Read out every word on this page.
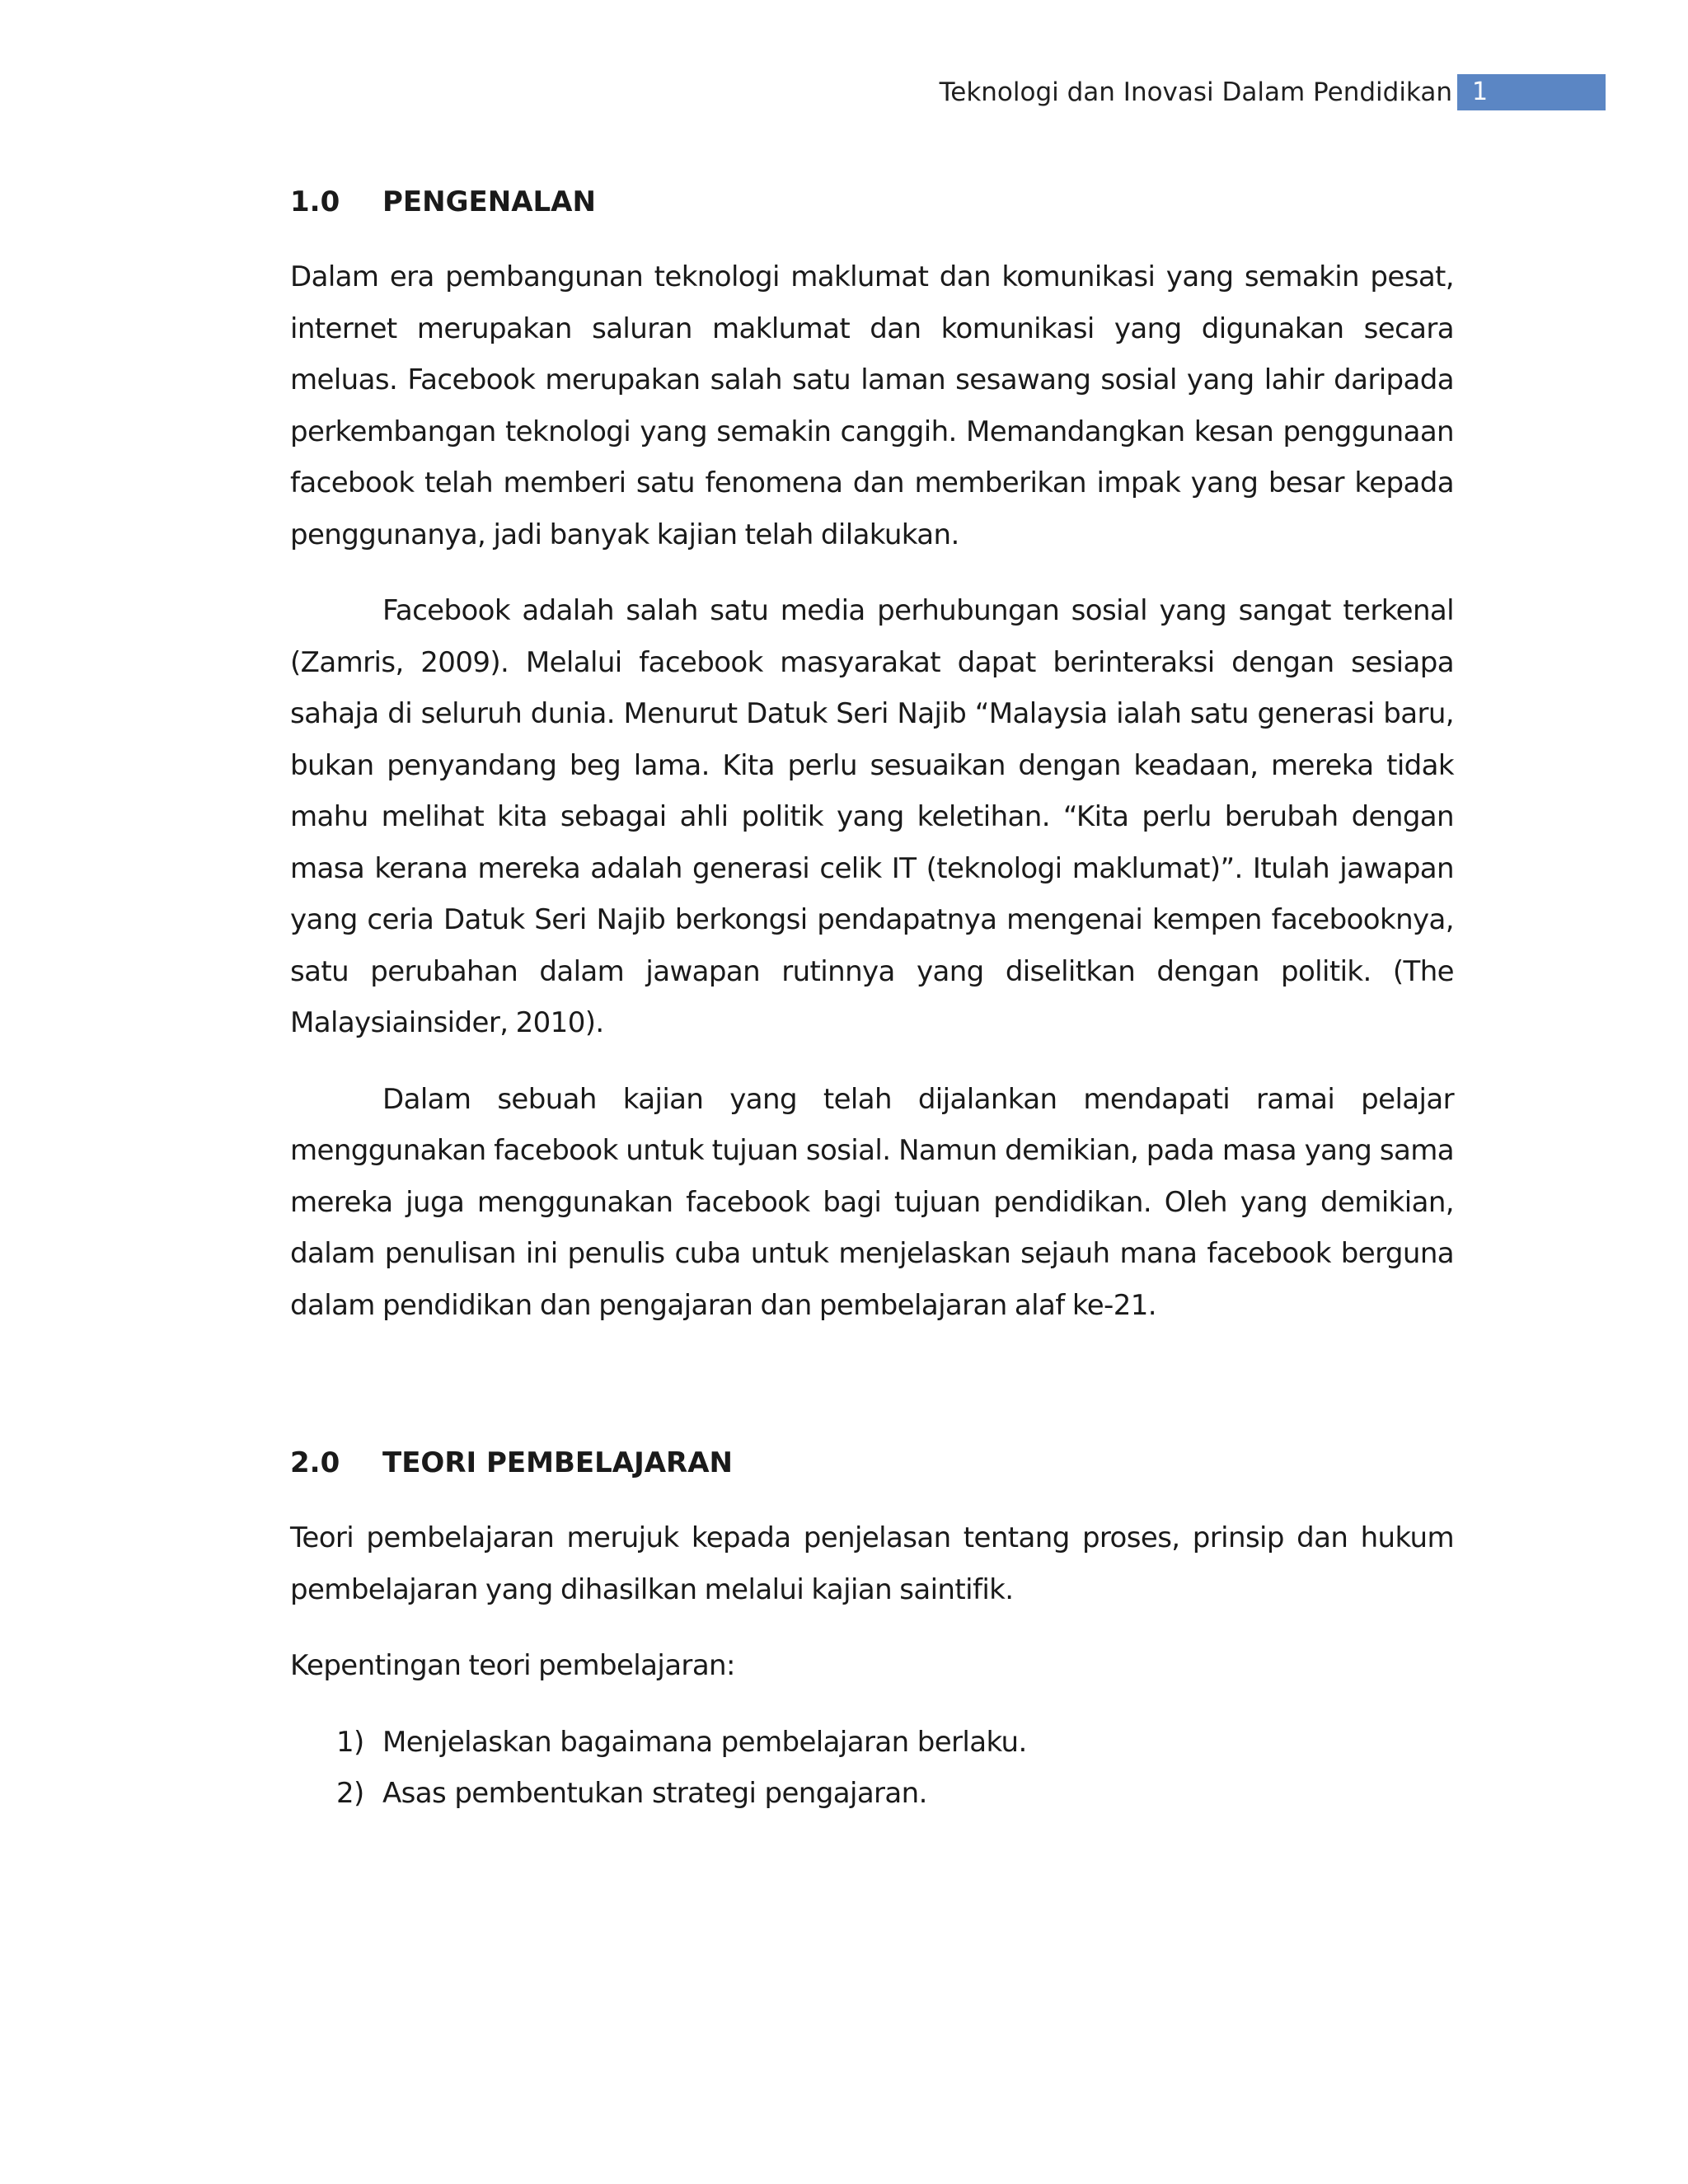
Teknologi dan Inovasi Dalam Pendidikan 1
1.0	PENGENALAN

Dalam era pembangunan teknologi maklumat dan komunikasi yang semakin pesat, internet merupakan saluran maklumat dan komunikasi yang digunakan secara meluas. Facebook merupakan salah satu laman sesawang sosial yang lahir daripada perkembangan teknologi yang semakin canggih. Memandangkan kesan penggunaan facebook telah memberi satu fenomena dan memberikan impak yang besar kepada penggunanya, jadi banyak kajian telah dilakukan.

Facebook adalah salah satu media perhubungan sosial yang sangat terkenal (Zamris, 2009). Melalui facebook masyarakat dapat berinteraksi dengan sesiapa sahaja di seluruh dunia. Menurut Datuk Seri Najib “Malaysia ialah satu generasi baru, bukan penyandang beg lama. Kita perlu sesuaikan dengan keadaan, mereka tidak mahu melihat kita sebagai ahli politik yang keletihan. “Kita perlu berubah dengan masa kerana mereka adalah generasi celik IT (teknologi maklumat)”. Itulah jawapan yang ceria Datuk Seri Najib berkongsi pendapatnya mengenai kempen facebooknya, satu perubahan dalam jawapan rutinnya yang diselitkan dengan politik. (The Malaysiainsider, 2010).

Dalam sebuah kajian yang telah dijalankan mendapati ramai pelajar menggunakan facebook untuk tujuan sosial. Namun demikian, pada masa yang sama mereka juga menggunakan facebook bagi tujuan pendidikan. Oleh yang demikian, dalam penulisan ini penulis cuba untuk menjelaskan sejauh mana facebook berguna dalam pendidikan dan pengajaran dan pembelajaran alaf ke-21.

2.0	TEORI PEMBELAJARAN

Teori pembelajaran merujuk kepada penjelasan tentang proses, prinsip dan hukum pembelajaran yang dihasilkan melalui kajian saintifik.

Kepentingan teori pembelajaran:

1) Menjelaskan bagaimana pembelajaran berlaku.
2) Asas pembentukan strategi pengajaran.
